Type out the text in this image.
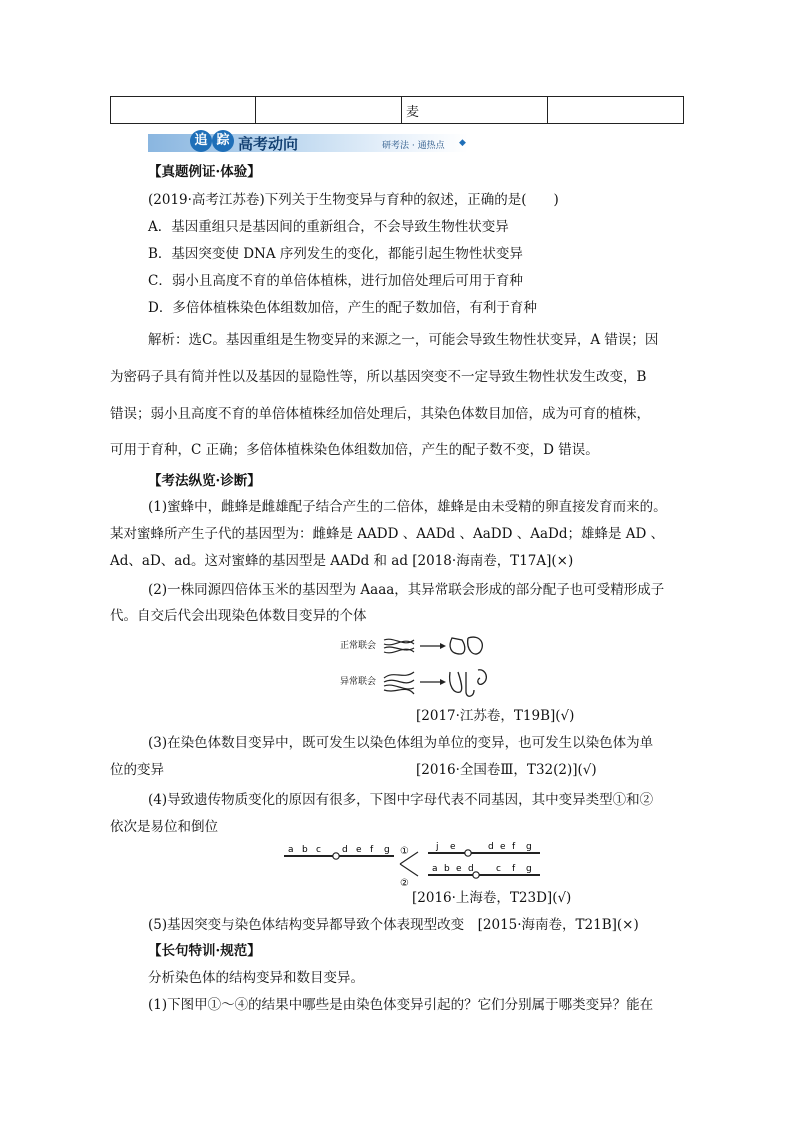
		麦	
追 踪 高考动向	研考法 · 通热点 ◆
【真题例证·体验】
(2019·高考江苏卷)下列关于生物变异与育种的叙述，正确的是(　　)
A．基因重组只是基因间的重新组合，不会导致生物性状变异
B．基因突变使 DNA 序列发生的变化，都能引起生物性状变异
C．弱小且高度不育的单倍体植株，进行加倍处理后可用于育种
D．多倍体植株染色体组数加倍，产生的配子数加倍，有利于育种
解析：选C。基因重组是生物变异的来源之一，可能会导致生物性状变异，A 错误；因
为密码子具有简并性以及基因的显隐性等，所以基因突变不一定导致生物性状发生改变，B
错误；弱小且高度不育的单倍体植株经加倍处理后，其染色体数目加倍，成为可育的植株，
可用于育种，C 正确；多倍体植株染色体组数加倍，产生的配子数不变，D 错误。
【考法纵览·诊断】
(1)蜜蜂中，雌蜂是雌雄配子结合产生的二倍体，雄蜂是由未受精的卵直接发育而来的。
某对蜜蜂所产生子代的基因型为：雌蜂是 AADD 、AADd 、AaDD 、AaDd；雄蜂是 AD 、
Ad、aD、ad。这对蜜蜂的基因型是 AADd 和 ad [2018·海南卷，T17A](×)
(2)一株同源四倍体玉米的基因型为 Aaaa，其异常联会形成的部分配子也可受精形成子
代。自交后代会出现染色体数目变异的个体
正常联会
异常联会
[2017·江苏卷，T19B](√)
(3)在染色体数目变异中，既可发生以染色体组为单位的变异，也可发生以染色体为单
位的变异	[2016·全国卷Ⅲ，T32(2)](√)
(4)导致遗传物质变化的原因有很多，下图中字母代表不同基因，其中变异类型①和②
依次是易位和倒位
a b c d e f g ①
②
j e	d e f g
a b e d c f g
[2016·上海卷，T23D](√)
(5)基因突变与染色体结构变异都导致个体表现型改变　[2015·海南卷，T21B](×)
【长句特训·规范】
分析染色体的结构变异和数目变异。
(1)下图甲①～④的结果中哪些是由染色体变异引起的？它们分别属于哪类变异？能在
